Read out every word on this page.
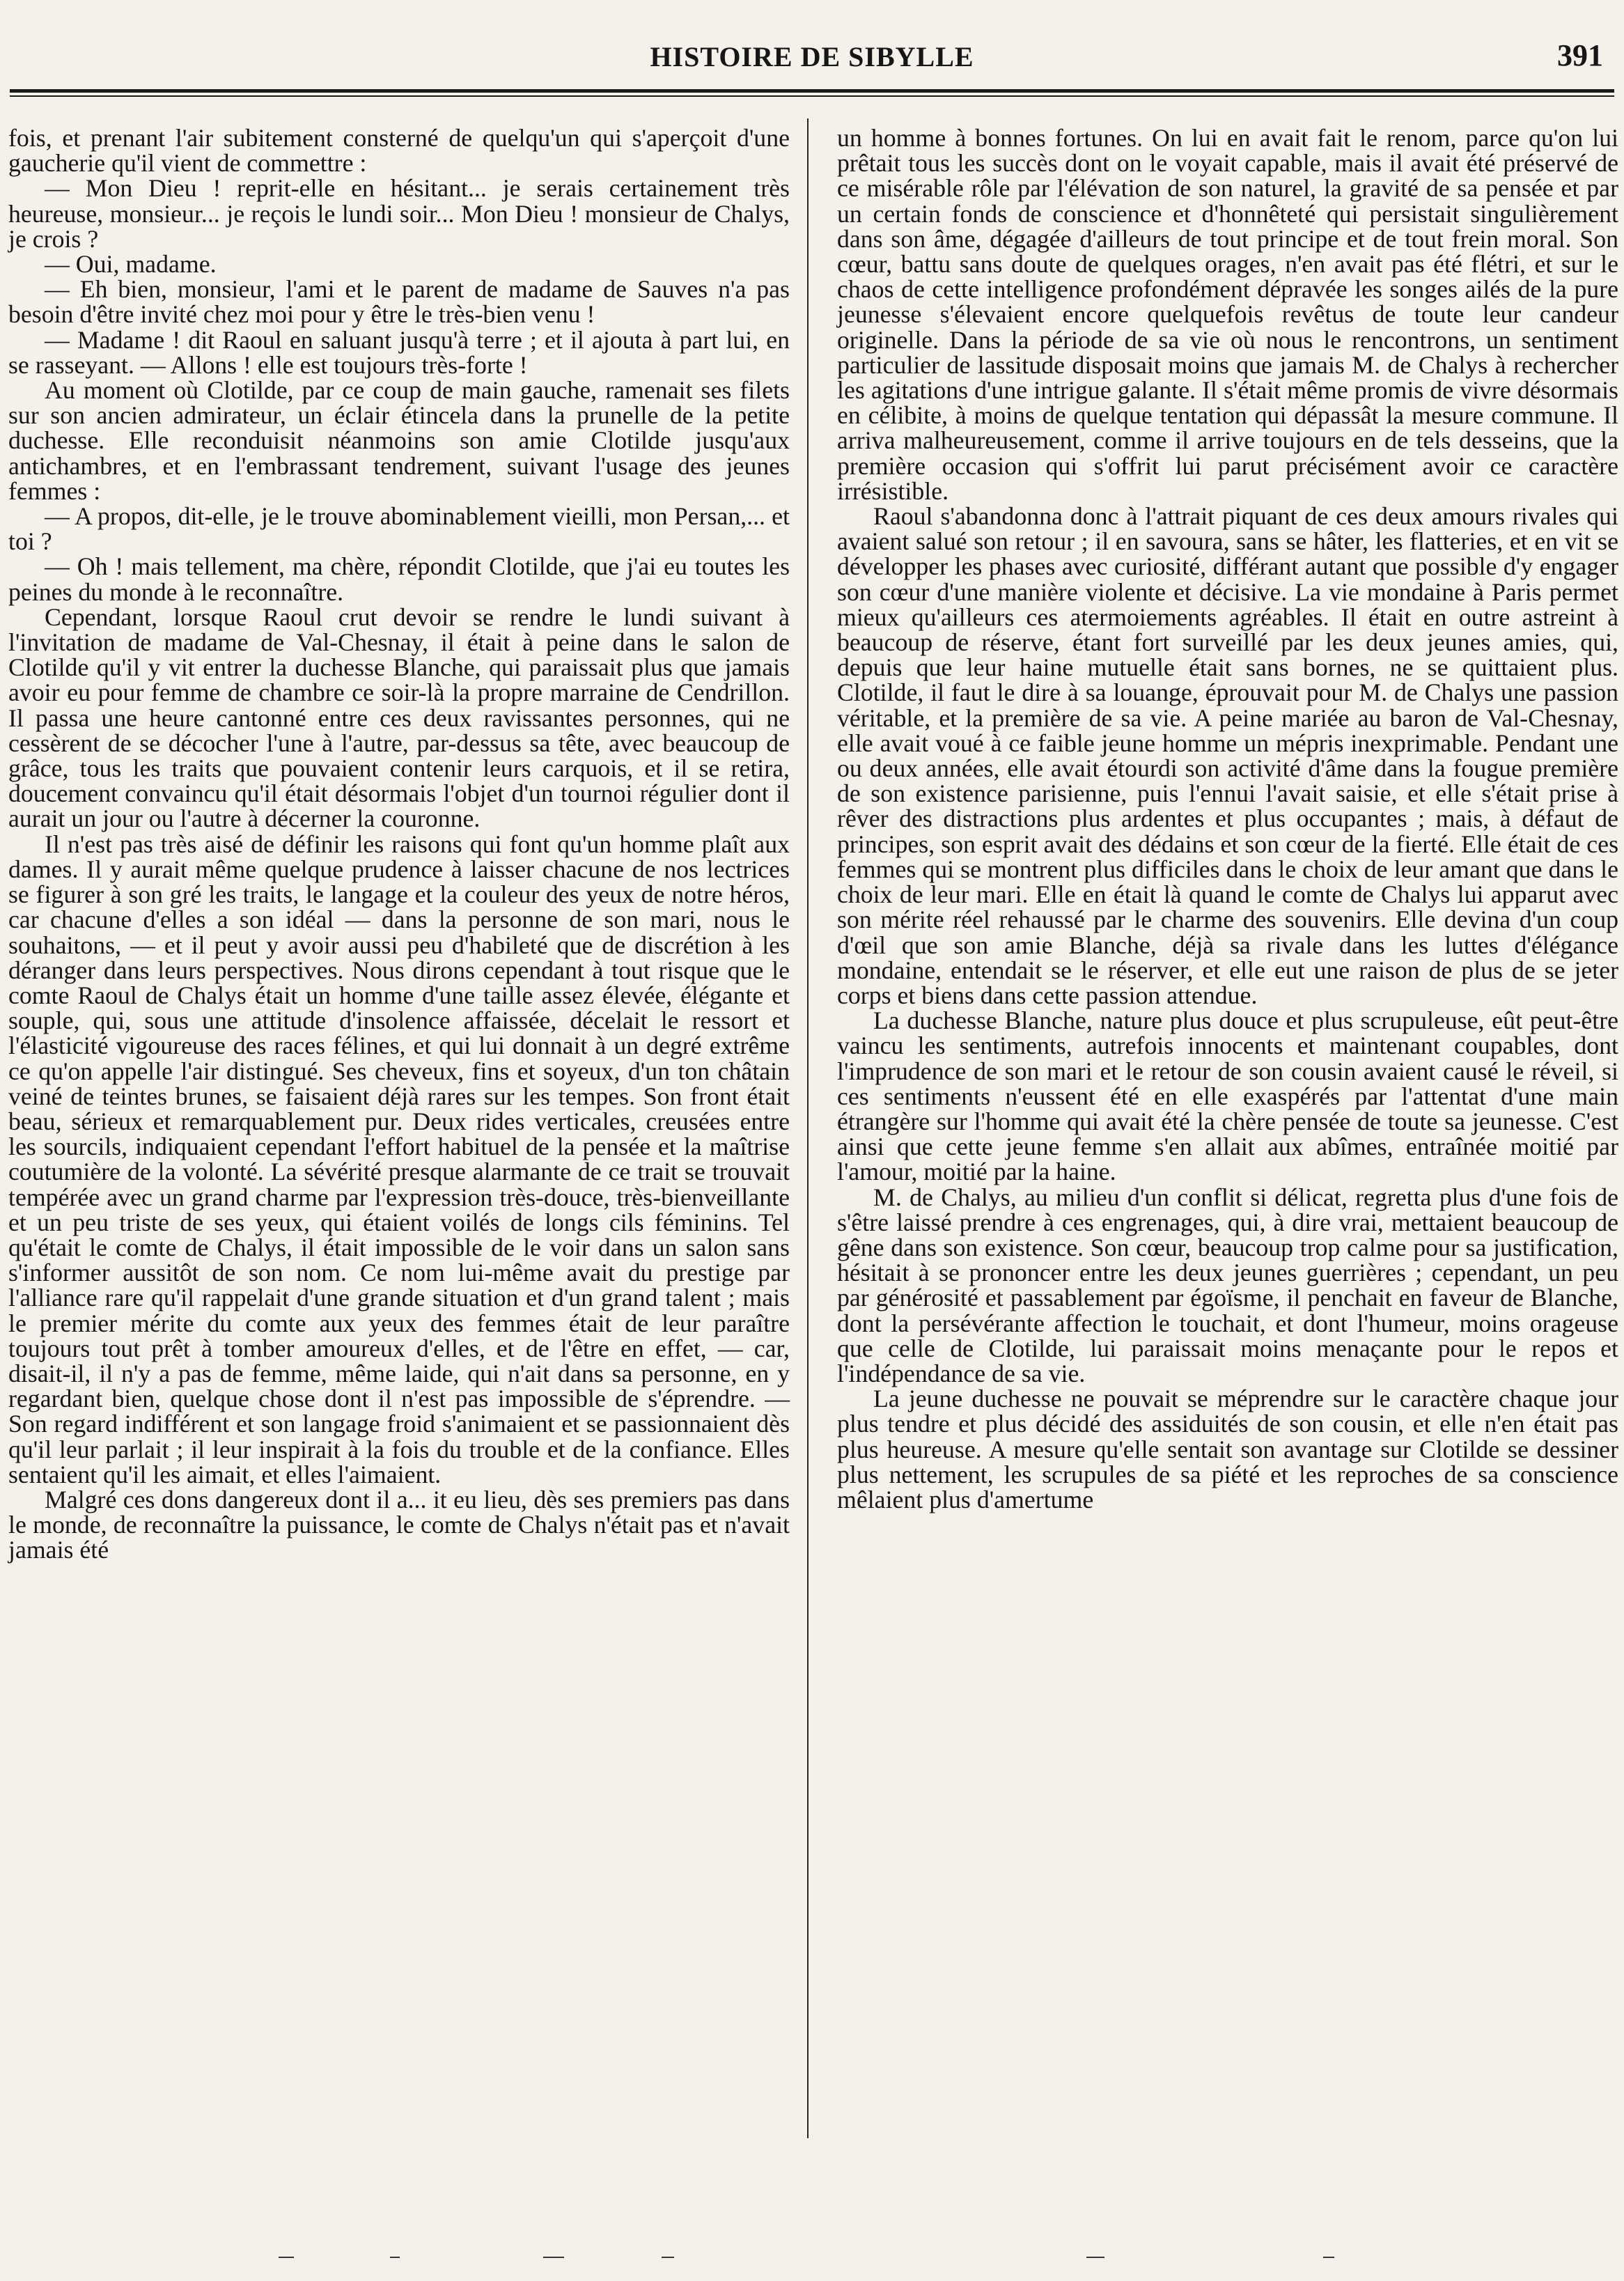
HISTOIRE DE SIBYLLE	391

fois, et prenant l'air subitement consterné de quelqu'un qui s'aperçoit d'une gaucherie qu'il vient de commettre :

— Mon Dieu ! reprit-elle en hésitant... je serais certainement très heureuse, monsieur... je reçois le lundi soir... Mon Dieu ! monsieur de Chalys, je crois ?

— Oui, madame.

— Eh bien, monsieur, l'ami et le parent de madame de Sauves n'a pas besoin d'être invité chez moi pour y être le très-bien venu !

— Madame ! dit Raoul en saluant jusqu'à terre ; et il ajouta à part lui, en se rasseyant. — Allons ! elle est toujours très-forte !

Au moment où Clotilde, par ce coup de main gauche, ramenait ses filets sur son ancien admirateur, un éclair étincela dans la prunelle de la petite duchesse. Elle reconduisit néanmoins son amie Clotilde jusqu'aux antichambres, et en l'embrassant tendrement, suivant l'usage des jeunes femmes :

— A propos, dit-elle, je le trouve abominablement vieilli, mon Persan,... et toi ?

— Oh ! mais tellement, ma chère, répondit Clotilde, que j'ai eu toutes les peines du monde à le reconnaître.

Cependant, lorsque Raoul crut devoir se rendre le lundi suivant à l'invitation de madame de Val-Chesnay, il était à peine dans le salon de Clotilde qu'il y vit entrer la duchesse Blanche, qui paraissait plus que jamais avoir eu pour femme de chambre ce soir-là la propre marraine de Cendrillon. Il passa une heure cantonné entre ces deux ravissantes personnes, qui ne cessèrent de se décocher l'une à l'autre, par-dessus sa tête, avec beaucoup de grâce, tous les traits que pouvaient contenir leurs carquois, et il se retira, doucement convaincu qu'il était désormais l'objet d'un tournoi régulier dont il aurait un jour ou l'autre à décerner la couronne.

Il n'est pas très aisé de définir les raisons qui font qu'un homme plaît aux dames. Il y aurait même quelque prudence à laisser chacune de nos lectrices se figurer à son gré les traits, le langage et la couleur des yeux de notre héros, car chacune d'elles a son idéal — dans la personne de son mari, nous le souhaitons, — et il peut y avoir aussi peu d'habileté que de discrétion à les déranger dans leurs perspectives. Nous dirons cependant à tout risque que le comte Raoul de Chalys était un homme d'une taille assez élevée, élégante et souple, qui, sous une attitude d'insolence affaissée, décelait le ressort et l'élasticité vigoureuse des races félines, et qui lui donnait à un degré extrême ce qu'on appelle l'air distingué. Ses cheveux, fins et soyeux, d'un ton châtain veiné de teintes brunes, se faisaient déjà rares sur les tempes. Son front était beau, sérieux et remarquablement pur. Deux rides verticales, creusées entre les sourcils, indiquaient cependant l'effort habituel de la pensée et la maîtrise coutumière de la volonté. La sévérité presque alarmante de ce trait se trouvait tempérée avec un grand charme par l'expression très-douce, très-bienveillante et un peu triste de ses yeux, qui étaient voilés de longs cils féminins. Tel qu'était le comte de Chalys, il était impossible de le voir dans un salon sans s'informer aussitôt de son nom. Ce nom lui-même avait du prestige par l'alliance rare qu'il rappelait d'une grande situation et d'un grand talent ; mais le premier mérite du comte aux yeux des femmes était de leur paraître toujours tout prêt à tomber amoureux d'elles, et de l'être en effet, — car, disait-il, il n'y a pas de femme, même laide, qui n'ait dans sa personne, en y regardant bien, quelque chose dont il n'est pas impossible de s'éprendre. — Son regard indifférent et son langage froid s'animaient et se passionnaient dès qu'il leur parlait ; il leur inspirait à la fois du trouble et de la confiance. Elles sentaient qu'il les aimait, et elles l'aimaient.

Malgré ces dons dangereux dont il a... it eu lieu, dès ses premiers pas dans le monde, de reconnaître la puissance, le comte de Chalys n'était pas et n'avait jamais été

un homme à bonnes fortunes. On lui en avait fait le renom, parce qu'on lui prêtait tous les succès dont on le voyait capable, mais il avait été préservé de ce misérable rôle par l'élévation de son naturel, la gravité de sa pensée et par un certain fonds de conscience et d'honnêteté qui persistait singulièrement dans son âme, dégagée d'ailleurs de tout principe et de tout frein moral. Son cœur, battu sans doute de quelques orages, n'en avait pas été flétri, et sur le chaos de cette intelligence profondément dépravée les songes ailés de la pure jeunesse s'élevaient encore quelquefois revêtus de toute leur candeur originelle. Dans la période de sa vie où nous le rencontrons, un sentiment particulier de lassitude disposait moins que jamais M. de Chalys à rechercher les agitations d'une intrigue galante. Il s'était même promis de vivre désormais en célibite, à moins de quelque tentation qui dépassât la mesure commune. Il arriva malheureusement, comme il arrive toujours en de tels desseins, que la première occasion qui s'offrit lui parut précisément avoir ce caractère irrésistible.

Raoul s'abandonna donc à l'attrait piquant de ces deux amours rivales qui avaient salué son retour ; il en savoura, sans se hâter, les flatteries, et en vit se développer les phases avec curiosité, différant autant que possible d'y engager son cœur d'une manière violente et décisive. La vie mondaine à Paris permet mieux qu'ailleurs ces atermoiements agréables. Il était en outre astreint à beaucoup de réserve, étant fort surveillé par les deux jeunes amies, qui, depuis que leur haine mutuelle était sans bornes, ne se quittaient plus. Clotilde, il faut le dire à sa louange, éprouvait pour M. de Chalys une passion véritable, et la première de sa vie. A peine mariée au baron de Val-Chesnay, elle avait voué à ce faible jeune homme un mépris inexprimable. Pendant une ou deux années, elle avait étourdi son activité d'âme dans la fougue première de son existence parisienne, puis l'ennui l'avait saisie, et elle s'était prise à rêver des distractions plus ardentes et plus occupantes ; mais, à défaut de principes, son esprit avait des dédains et son cœur de la fierté. Elle était de ces femmes qui se montrent plus difficiles dans le choix de leur amant que dans le choix de leur mari. Elle en était là quand le comte de Chalys lui apparut avec son mérite réel rehaussé par le charme des souvenirs. Elle devina d'un coup d'œil que son amie Blanche, déjà sa rivale dans les luttes d'élégance mondaine, entendait se le réserver, et elle eut une raison de plus de se jeter corps et biens dans cette passion attendue.

La duchesse Blanche, nature plus douce et plus scrupuleuse, eût peut-être vaincu les sentiments, autrefois innocents et maintenant coupables, dont l'imprudence de son mari et le retour de son cousin avaient causé le réveil, si ces sentiments n'eussent été en elle exaspérés par l'attentat d'une main étrangère sur l'homme qui avait été la chère pensée de toute sa jeunesse. C'est ainsi que cette jeune femme s'en allait aux abîmes, entraînée moitié par l'amour, moitié par la haine.

M. de Chalys, au milieu d'un conflit si délicat, regretta plus d'une fois de s'être laissé prendre à ces engrenages, qui, à dire vrai, mettaient beaucoup de gêne dans son existence. Son cœur, beaucoup trop calme pour sa justification, hésitait à se prononcer entre les deux jeunes guerrières ; cependant, un peu par générosité et passablement par égoïsme, il penchait en faveur de Blanche, dont la persévérante affection le touchait, et dont l'humeur, moins orageuse que celle de Clotilde, lui paraissait moins menaçante pour le repos et l'indépendance de sa vie.

La jeune duchesse ne pouvait se méprendre sur le caractère chaque jour plus tendre et plus décidé des assiduités de son cousin, et elle n'en était pas plus heureuse. A mesure qu'elle sentait son avantage sur Clotilde se dessiner plus nettement, les scrupules de sa piété et les reproches de sa conscience mêlaient plus d'amertume
